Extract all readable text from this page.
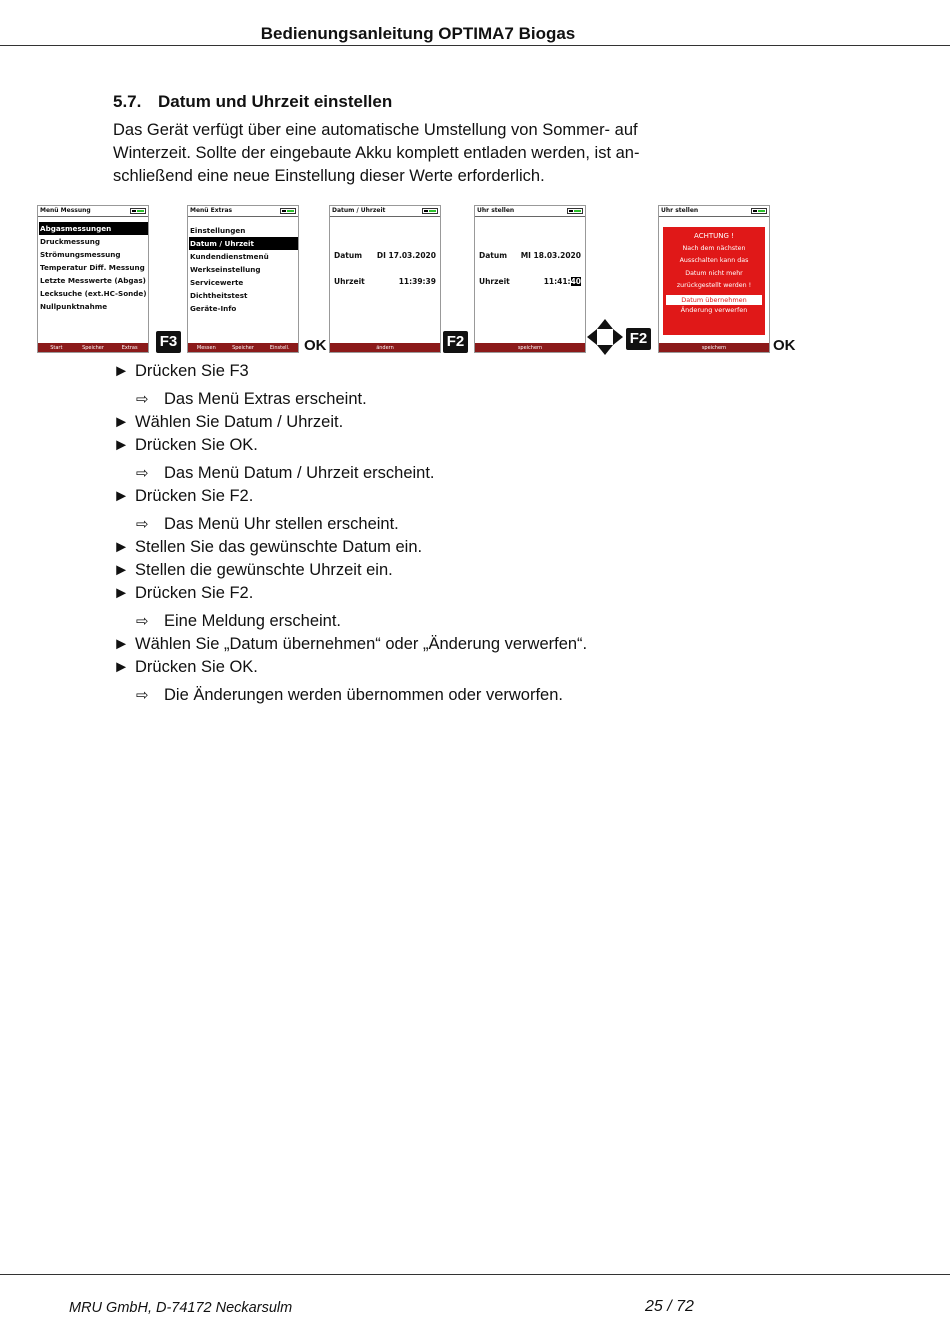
Bedienungsanleitung OPTIMA7 Biogas
5.7. Datum und Uhrzeit einstellen
Das Gerät verfügt über eine automatische Umstellung von Sommer- auf
Winterzeit. Sollte der eingebaute Akku komplett entladen werden, ist an-
schließend eine neue Einstellung dieser Werte erforderlich.
Menü Messung
Abgasmessungen
Druckmessung
Strömungsmessung
Temperatur Diff. Messung
Letzte Messwerte (Abgas)
Lecksuche (ext.HC-Sonde)
Nullpunktnahme
Start	Speicher	Extras	F3
Menü Extras
Einstellungen
Datum / Uhrzeit
Kundendienstmenü
Werkseinstellung
Servicewerte
Dichtheitstest
Geräte-Info
Messen	Speicher	Einstell. OK
Datum / Uhrzeit
Datum DI 17.03.2020
Uhrzeit	11:39:39
ändern	F2
Uhr stellen
Datum MI 18.03.2020
Uhrzeit	11:41:40
speichern
F2
Uhr stellen
ACHTUNG !
Nach dem nächsten
Ausschalten kann das
Datum nicht mehr
zurückgestellt werden !
Datum übernehmen
Änderung verwerfen
speichern	OK
► Drücken Sie F3
⇨ Das Menü Extras erscheint.
► Wählen Sie Datum / Uhrzeit.
► Drücken Sie OK.
⇨ Das Menü Datum / Uhrzeit erscheint.
► Drücken Sie F2.
⇨ Das Menü Uhr stellen erscheint.
► Stellen Sie das gewünschte Datum ein.
► Stellen die gewünschte Uhrzeit ein.
► Drücken Sie F2.
⇨ Eine Meldung erscheint.
► Wählen Sie „Datum übernehmen“ oder „Änderung verwerfen“.
► Drücken Sie OK.
⇨ Die Änderungen werden übernommen oder verworfen.
MRU GmbH, D-74172 Neckarsulm	25 / 72
